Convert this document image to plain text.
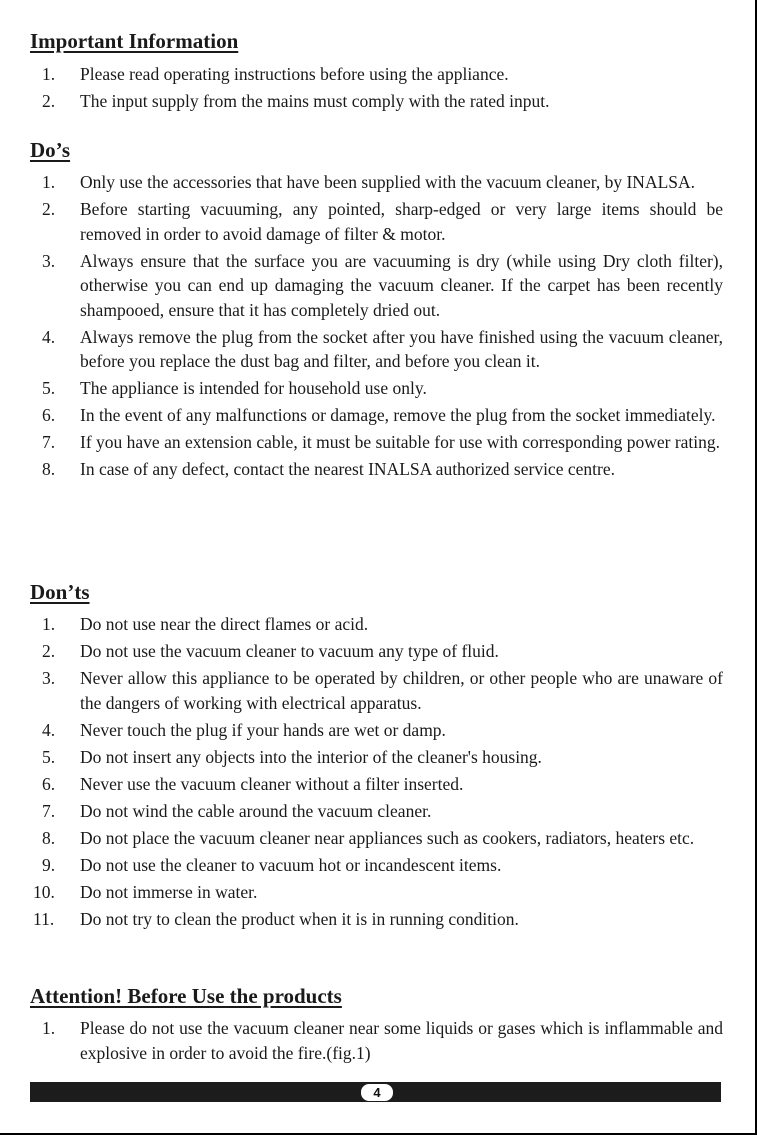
Important Information
1.	Please read operating instructions before using the appliance.
2.	The input supply from the mains must comply with the rated input.
Do’s
1.	Only use the accessories that have been supplied with the vacuum cleaner, by INALSA.
2.	Before starting vacuuming, any pointed, sharp-edged or very large items should be removed in order to avoid damage of filter & motor.
3.	Always ensure that the surface you are vacuuming is dry (while using Dry cloth filter), otherwise you can end up damaging the vacuum cleaner. If the carpet has been recently shampooed, ensure that it has completely dried out.
4.	Always remove the plug from the socket after you have finished using the vacuum cleaner, before you replace the dust bag and filter, and before you clean it.
5.	The appliance is intended for household use only.
6.	In the event of any malfunctions or damage, remove the plug from the socket immediately.
7.	If you have an extension cable, it must be suitable for use with corresponding power rating.
8.	In case of any defect, contact the nearest INALSA authorized service centre.
Don’ts
1.	Do not use near the direct flames or acid.
2.	Do not use the vacuum cleaner to vacuum any type of fluid.
3.	Never allow this appliance to be operated by children, or other people who are unaware of the dangers of working with electrical apparatus.
4.	Never touch the plug if your hands are wet or damp.
5.	Do not insert any objects into the interior of the cleaner's housing.
6.	Never use the vacuum cleaner without a filter inserted.
7.	Do not wind the cable around the vacuum cleaner.
8.	Do not place the vacuum cleaner near appliances such as cookers, radiators, heaters etc.
9.	Do not use the cleaner to vacuum hot or incandescent items.
10.	Do not immerse in water.
11.	Do not try to clean the product when it is in running condition.
Attention! Before Use the products
1.	Please do not use the vacuum cleaner near some liquids or gases which is inflammable and explosive in order to avoid the fire.(fig.1)
4
